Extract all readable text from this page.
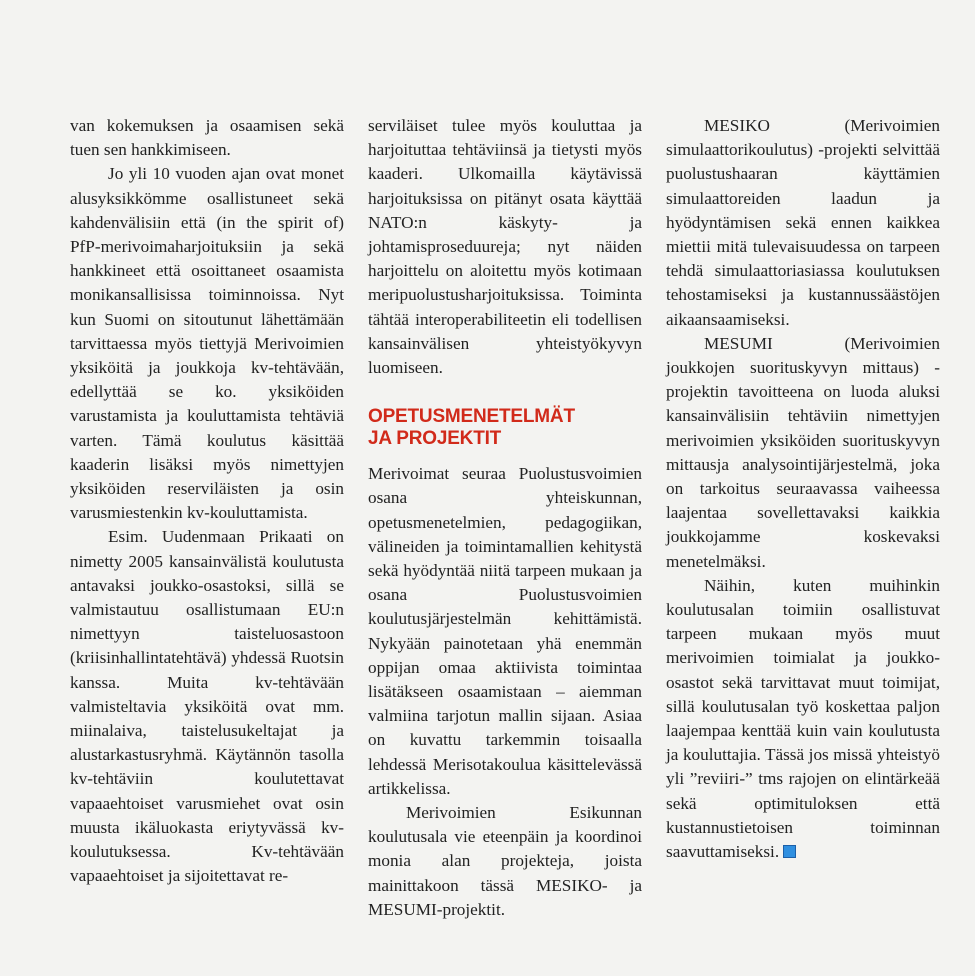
van kokemuksen ja osaamisen sekä tuen sen hankkimiseen.

Jo yli 10 vuoden ajan ovat monet alusyksikkömme osallistuneet sekä kahdenvälisiin että (in the spirit of) PfP-merivoimaharjoituksiin ja sekä hankkineet että osoittaneet osaamista monikansallisissa toiminnoissa. Nyt kun Suomi on sitoutunut lähettämään tarvittaessa myös tiettyjä Merivoimien yksiköitä ja joukkoja kv-tehtävään, edellyttää se ko. yksiköiden varustamista ja kouluttamista tehtäviä varten. Tämä koulutus käsittää kaaderin lisäksi myös nimettyjen yksiköiden reserviläisten ja osin varusmiestenkin kv-kouluttamista.

Esim. Uudenmaan Prikaati on nimetty 2005 kansainvälistä koulutusta antavaksi joukko-osastoksi, sillä se valmistautuu osallistumaan EU:n nimettyyn taisteluosastoon (kriisinhallintatehtävä) yhdessä Ruotsin kanssa. Muita kv-tehtävään valmisteltavia yksiköitä ovat mm. miinalaiva, taistelusukeltajat ja alustarkastusryhmä. Käytännön tasolla kv-tehtäviin koulutettavat vapaaehtoiset varusmiehet ovat osin muusta ikäluokasta eriytyvässä kv-koulutuksessa. Kv-tehtävään vapaaehtoiset ja sijoitettavat re-

serviläiset tulee myös kouluttaa ja harjoituttaa tehtäviinsä ja tietysti myös kaaderi. Ulkomailla käytävissä harjoituksissa on pitänyt osata käyttää NATO:n käskyty- ja johtamisproseduureja; nyt näiden harjoittelu on aloitettu myös kotimaan meripuolustusharjoituksissa. Toiminta tähtää interoperabiliteetin eli todellisen kansainvälisen yhteistyökyvyn luomiseen.

OPETUSMENETELMÄT
JA PROJEKTIT

Merivoimat seuraa Puolustusvoimien osana yhteiskunnan, opetusmenetelmien, pedagogiikan, välineiden ja toimintamallien kehitystä sekä hyödyntää niitä tarpeen mukaan ja osana Puolustusvoimien koulutusjärjestelmän kehittämistä. Nykyään painotetaan yhä enemmän oppijan omaa aktiivista toimintaa lisätäkseen osaamistaan – aiemman valmiina tarjotun mallin sijaan. Asiaa on kuvattu tarkemmin toisaalla lehdessä Merisotakoulua käsittelevässä artikkelissa.

Merivoimien Esikunnan koulutusala vie eteenpäin ja koordinoi monia alan projekteja, joista mainittakoon tässä MESIKO- ja MESUMI-projektit.

MESIKO (Merivoimien simulaattorikoulutus) -projekti selvittää puolustushaaran käyttämien simulaattoreiden laadun ja hyödyntämisen sekä ennen kaikkea miettii mitä tulevaisuudessa on tarpeen tehdä simulaattoriasiassa koulutuksen tehostamiseksi ja kustannussäästöjen aikaansaamiseksi.

MESUMI (Merivoimien joukkojen suorituskyvyn mittaus) -projektin tavoitteena on luoda aluksi kansainvälisiin tehtäviin nimettyjen merivoimien yksiköiden suorituskyvyn mittausja analysointijärjestelmä, joka on tarkoitus seuraavassa vaiheessa laajentaa sovellettavaksi kaikkia joukkojamme koskevaksi menetelmäksi.

Näihin, kuten muihinkin koulutusalan toimiin osallistuvat tarpeen mukaan myös muut merivoimien toimialat ja joukko-osastot sekä tarvittavat muut toimijat, sillä koulutusalan työ koskettaa paljon laajempaa kenttää kuin vain koulutusta ja kouluttajia. Tässä jos missä yhteistyö yli ”reviiri-” tms rajojen on elintärkeää sekä optimituloksen että kustannustietoisen toiminnan saavuttamiseksi.
